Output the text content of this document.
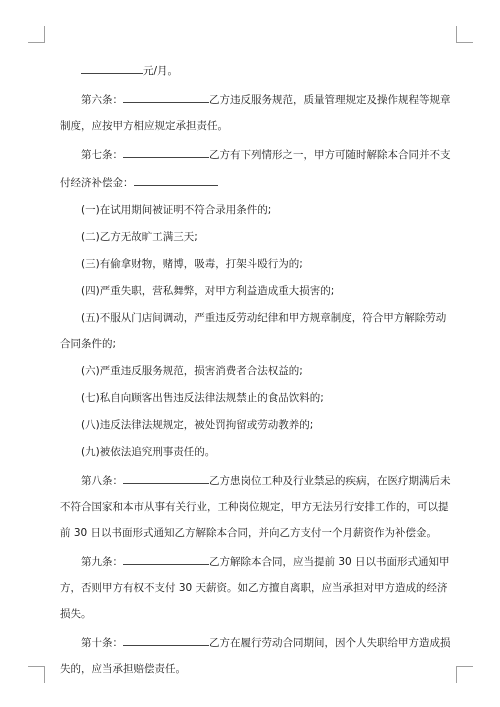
元/月。

第六条：	乙方违反服务规范，质量管理规定及操作规程等规章

制度，应按甲方相应规定承担责任。

第七条：	乙方有下列情形之一，甲方可随时解除本合同并不支

付经济补偿金：

(一)在试用期间被证明不符合录用条件的;

(二)乙方无故旷工满三天;

(三)有偷拿财物，赌博，吸毒，打架斗殴行为的;

(四)严重失职，营私舞弊，对甲方利益造成重大损害的;

(五)不服从门店间调动，严重违反劳动纪律和甲方规章制度，符合甲方解除劳动

合同条件的;

(六)严重违反服务规范，损害消费者合法权益的;

(七)私自向顾客出售违反法律法规禁止的食品饮料的;

(八)违反法律法规规定，被处罚拘留或劳动教养的;

(九)被依法追究刑事责任的。

第八条：	乙方患岗位工种及行业禁忌的疾病，在医疗期满后未

不符合国家和本市从事有关行业，工种岗位规定，甲方无法另行安排工作的，可以提

前 30 日以书面形式通知乙方解除本合同，并向乙方支付一个月薪资作为补偿金。

第九条：	乙方解除本合同，应当提前 30 日以书面形式通知甲

方，否则甲方有权不支付 30 天薪资。如乙方擅自离职，应当承担对甲方造成的经济

损失。

第十条：	乙方在履行劳动合同期间，因个人失职给甲方造成损

失的，应当承担赔偿责任。
